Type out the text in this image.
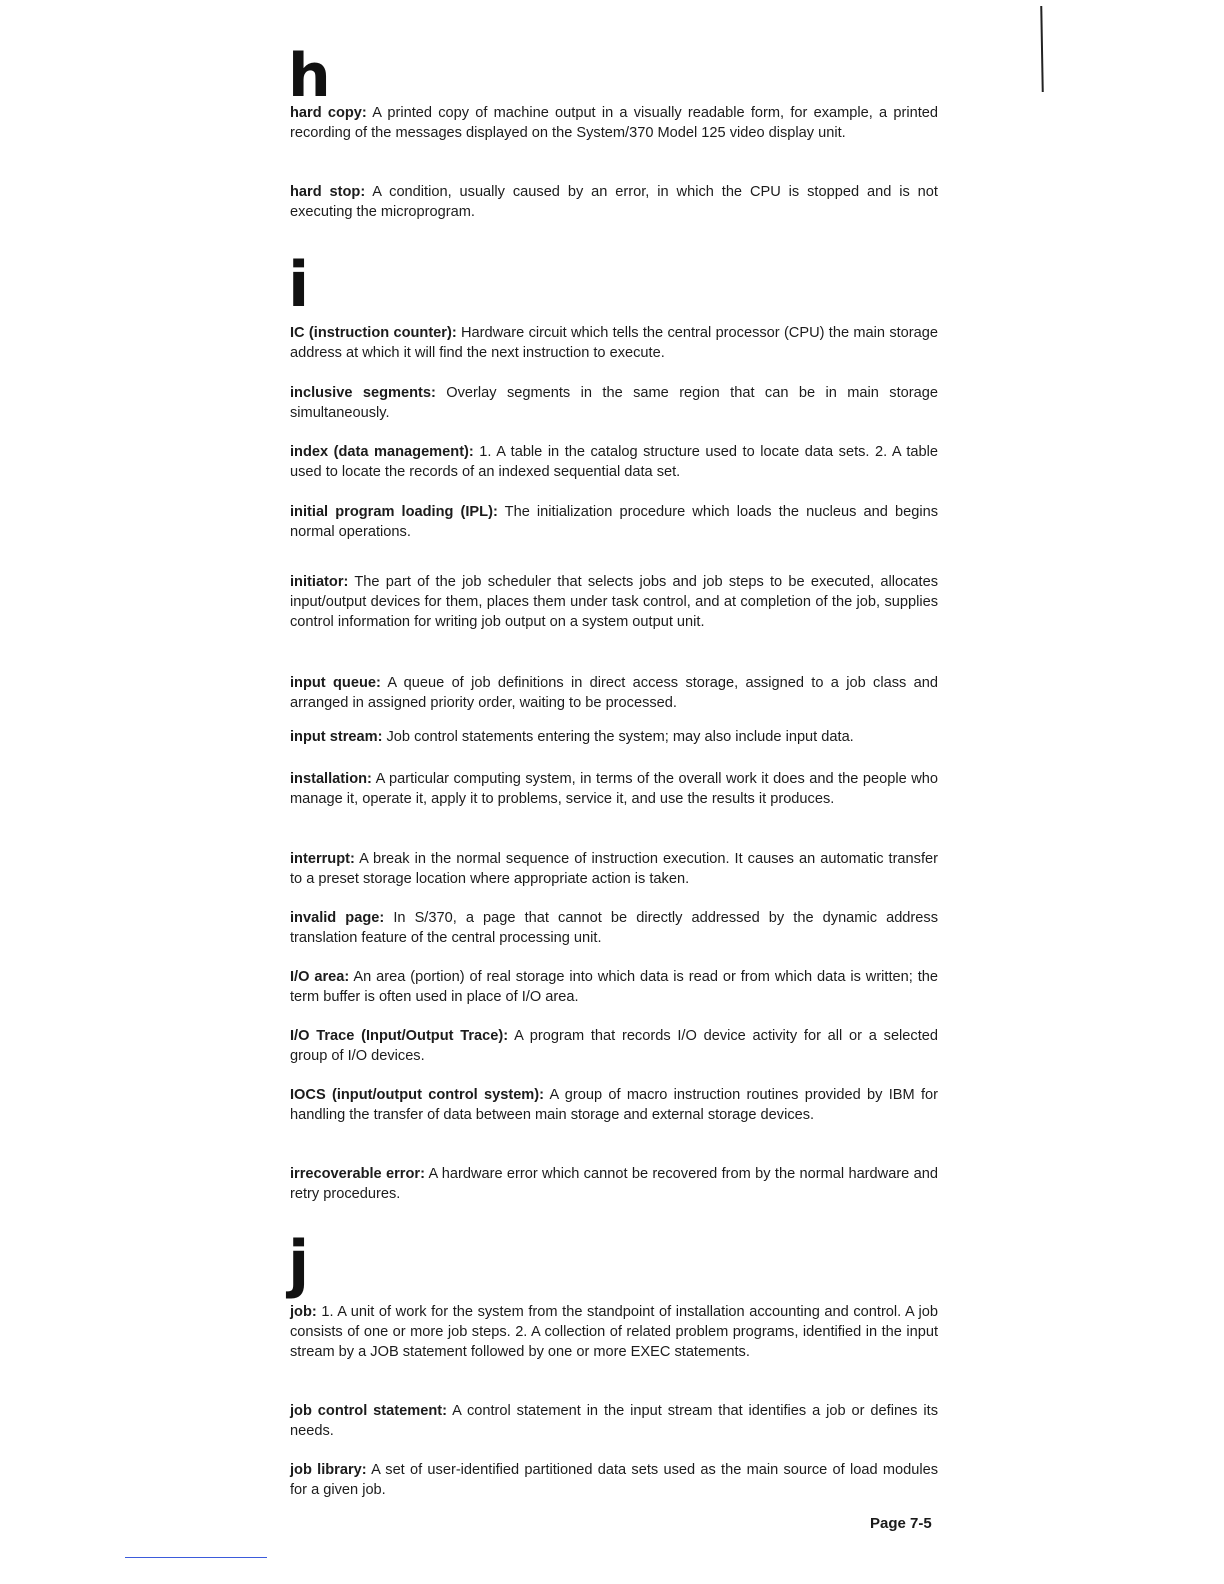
h

hard copy: A printed copy of machine output in a visually readable form, for example, a printed recording of the messages displayed on the System/370 Model 125 video display unit.

hard stop: A condition, usually caused by an error, in which the CPU is stopped and is not executing the microprogram.

i

IC (instruction counter): Hardware circuit which tells the central processor (CPU) the main storage address at which it will find the next instruction to execute.

inclusive segments: Overlay segments in the same region that can be in main storage simultaneously.

index (data management): 1. A table in the catalog structure used to locate data sets. 2. A table used to locate the records of an indexed sequential data set.

initial program loading (IPL): The initialization procedure which loads the nucleus and begins normal operations.

initiator: The part of the job scheduler that selects jobs and job steps to be executed, allocates input/output devices for them, places them under task control, and at completion of the job, supplies control information for writing job output on a system output unit.

input queue: A queue of job definitions in direct access storage, assigned to a job class and arranged in assigned priority order, waiting to be processed.

input stream: Job control statements entering the system; may also include input data.

installation: A particular computing system, in terms of the overall work it does and the people who manage it, operate it, apply it to problems, service it, and use the results it produces.

interrupt: A break in the normal sequence of instruction execution. It causes an automatic transfer to a preset storage location where appropriate action is taken.

invalid page: In S/370, a page that cannot be directly addressed by the dynamic address translation feature of the central processing unit.

I/O area: An area (portion) of real storage into which data is read or from which data is written; the term buffer is often used in place of I/O area.

I/O Trace (Input/Output Trace): A program that records I/O device activity for all or a selected group of I/O devices.

IOCS (input/output control system): A group of macro instruction routines provided by IBM for handling the transfer of data between main storage and external storage devices.

irrecoverable error: A hardware error which cannot be recovered from by the normal hardware and retry procedures.

j

job: 1. A unit of work for the system from the standpoint of installation accounting and control. A job consists of one or more job steps. 2. A collection of related problem programs, identified in the input stream by a JOB statement followed by one or more EXEC statements.

job control statement: A control statement in the input stream that identifies a job or defines its needs.

job library: A set of user-identified partitioned data sets used as the main source of load modules for a given job.

Page 7-5
